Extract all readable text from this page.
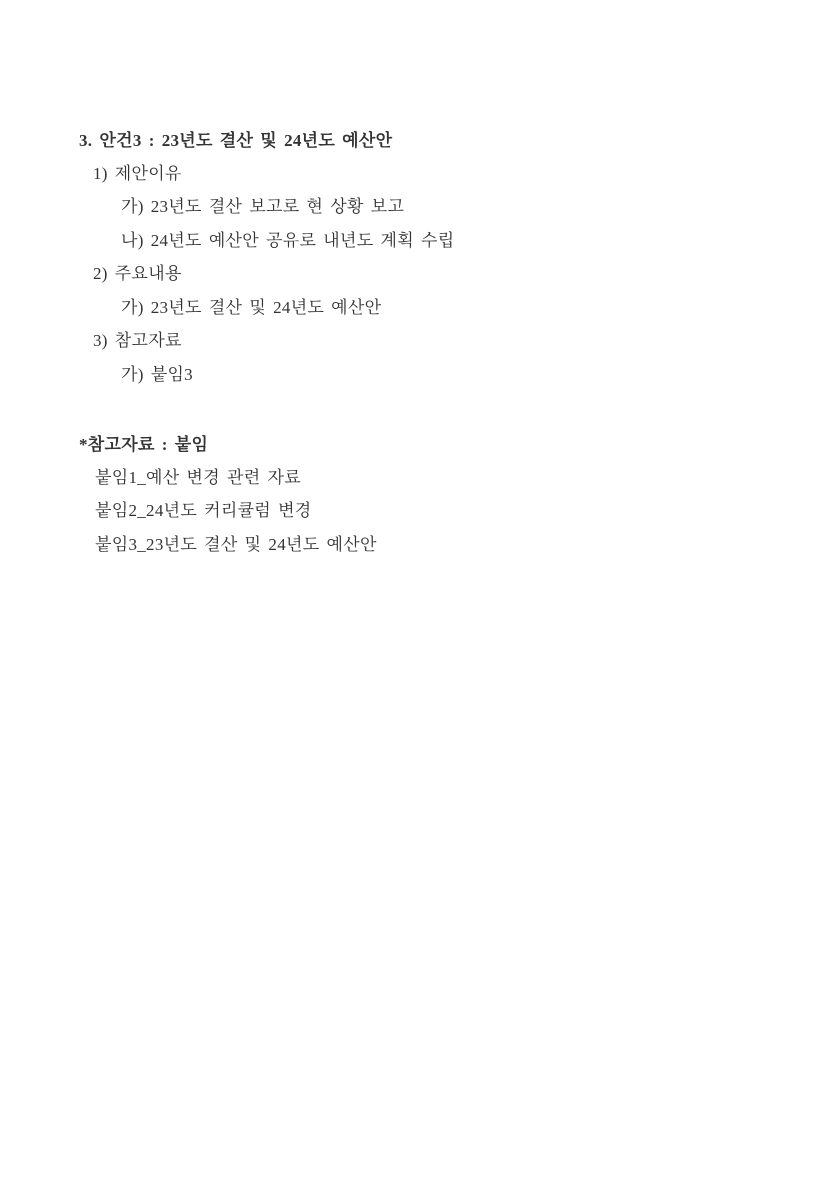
3. 안건3 : 23년도 결산 및 24년도 예산안
1) 제안이유
가) 23년도 결산 보고로 현 상황 보고
나) 24년도 예산안 공유로 내년도 계획 수립
2) 주요내용
가) 23년도 결산 및 24년도 예산안
3) 참고자료
가) 붙임3
*참고자료 : 붙임
붙임1_예산 변경 관련 자료
붙임2_24년도 커리큘럼 변경
붙임3_23년도 결산 및 24년도 예산안
